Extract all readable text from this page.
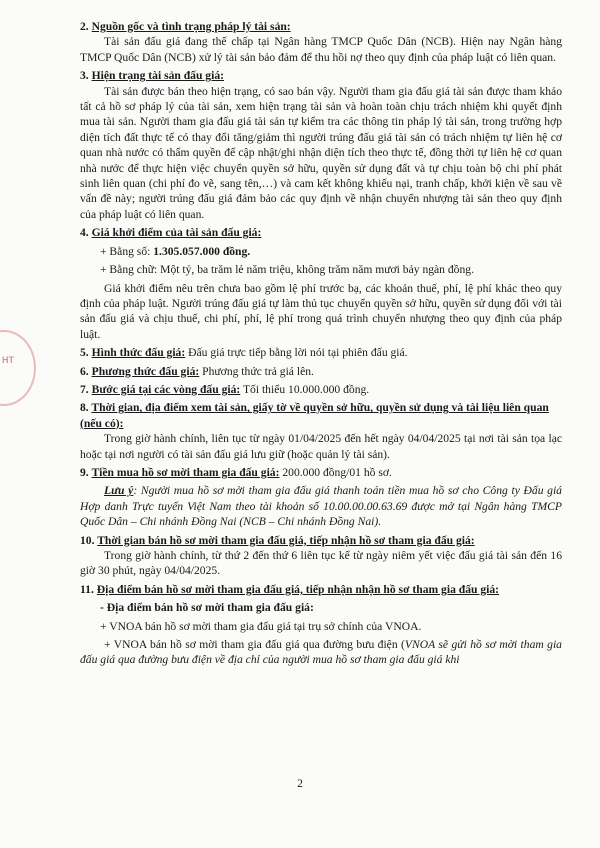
HT
2. Nguồn gốc và tình trạng pháp lý tài sản:
Tài sản đấu giá đang thế chấp tại Ngân hàng TMCP Quốc Dân (NCB). Hiện nay Ngân hàng TMCP Quốc Dân (NCB) xử lý tài sản bảo đảm để thu hồi nợ theo quy định của pháp luật có liên quan.
3. Hiện trạng tài sản đấu giá:
Tài sản được bán theo hiện trạng, có sao bán vậy. Người tham gia đấu giá tài sản được tham khảo tất cả hồ sơ pháp lý của tài sản, xem hiện trạng tài sản và hoàn toàn chịu trách nhiệm khi quyết định mua tài sản. Người tham gia đấu giá tài sản tự kiểm tra các thông tin pháp lý tài sản, trong trường hợp diện tích đất thực tế có thay đổi tăng/giảm thì người trúng đấu giá tài sản có trách nhiệm tự liên hệ cơ quan nhà nước có thẩm quyền để cập nhật/ghi nhận diện tích theo thực tế, đồng thời tự liên hệ cơ quan nhà nước để thực hiện việc chuyển quyền sở hữu, quyền sử dụng đất và tự chịu toàn bộ chi phí phát sinh liên quan (chi phí đo vẽ, sang tên,…) và cam kết không khiếu nại, tranh chấp, khởi kiện về sau về vấn đề này; người trúng đấu giá đảm bảo các quy định về nhận chuyển nhượng tài sản theo quy định của pháp luật có liên quan.
4. Giá khởi điểm của tài sản đấu giá:
+ Bằng số: 1.305.057.000 đồng.
+ Bằng chữ: Một tỷ, ba trăm lẻ năm triệu, không trăm năm mươi bảy ngàn đồng.
Giá khởi điểm nêu trên chưa bao gồm lệ phí trước bạ, các khoản thuế, phí, lệ phí khác theo quy định của pháp luật. Người trúng đấu giá tự làm thủ tục chuyển quyền sở hữu, quyền sử dụng đối với tài sản đấu giá và chịu thuế, chi phí, phí, lệ phí trong quá trình chuyển nhượng theo quy định của pháp luật.
5. Hình thức đấu giá: Đấu giá trực tiếp bằng lời nói tại phiên đấu giá.
6. Phương thức đấu giá: Phương thức trả giá lên.
7. Bước giá tại các vòng đấu giá: Tối thiểu 10.000.000 đồng.
8. Thời gian, địa điểm xem tài sản, giấy tờ về quyền sở hữu, quyền sử dụng và tài liệu liên quan (nếu có):
Trong giờ hành chính, liên tục từ ngày 01/04/2025 đến hết ngày 04/04/2025 tại nơi tài sản tọa lạc hoặc tại nơi người có tài sản đấu giá lưu giữ (hoặc quản lý tài sản).
9. Tiền mua hồ sơ mời tham gia đấu giá: 200.000 đồng/01 hồ sơ.
Lưu ý: Người mua hồ sơ mời tham gia đấu giá thanh toán tiền mua hồ sơ cho Công ty Đấu giá Hợp danh Trực tuyến Việt Nam theo tài khoản số 10.00.00.00.63.69 được mở tại Ngân hàng TMCP Quốc Dân – Chi nhánh Đồng Nai (NCB – Chi nhánh Đồng Nai).
10. Thời gian bán hồ sơ mời tham gia đấu giá, tiếp nhận hồ sơ tham gia đấu giá:
Trong giờ hành chính, từ thứ 2 đến thứ 6 liên tục kể từ ngày niêm yết việc đấu giá tài sản đến 16 giờ 30 phút, ngày 04/04/2025.
11. Địa điểm bán hồ sơ mời tham gia đấu giá, tiếp nhận nhận hồ sơ tham gia đấu giá:
- Địa điểm bán hồ sơ mời tham gia đấu giá:
+ VNOA bán hồ sơ mời tham gia đấu giá tại trụ sở chính của VNOA.
+ VNOA bán hồ sơ mời tham gia đấu giá qua đường bưu điện (VNOA sẽ gửi hồ sơ mời tham gia đấu giá qua đường bưu điện về địa chỉ của người mua hồ sơ tham gia đấu giá khi
2
